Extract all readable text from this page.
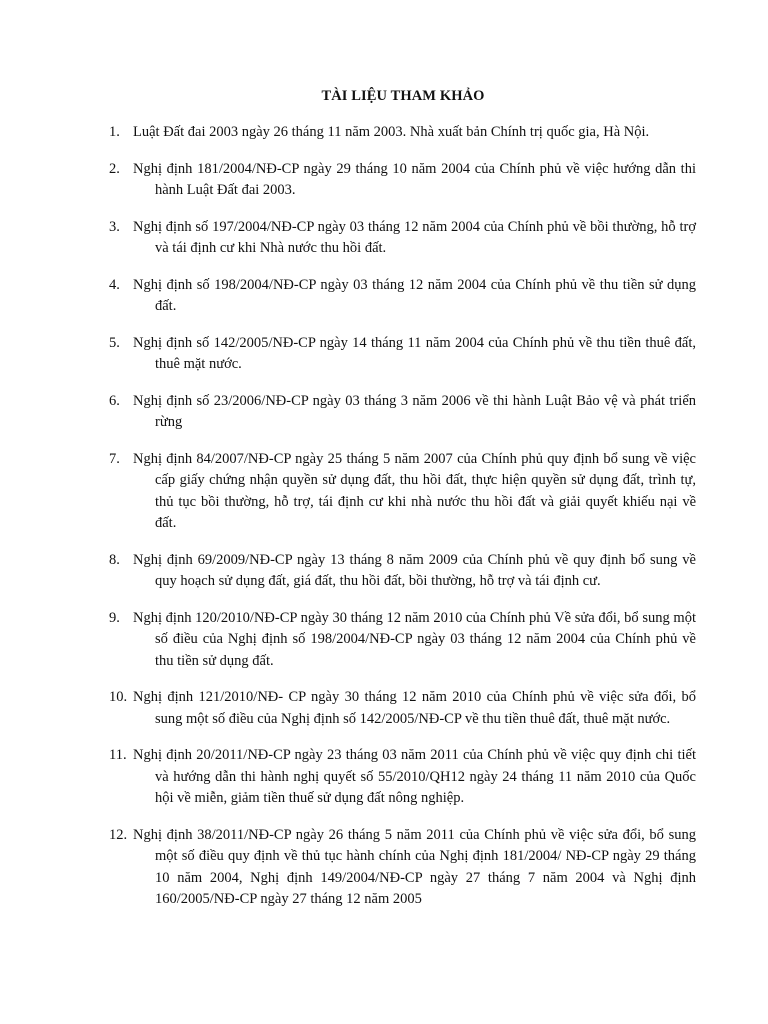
TÀI LIỆU THAM KHẢO
1. Luật Đất đai 2003 ngày 26 tháng 11 năm 2003. Nhà xuất bản Chính trị quốc gia, Hà Nội.
2. Nghị định 181/2004/NĐ-CP ngày 29 tháng 10 năm 2004 của Chính phủ về việc hướng dẫn thi hành Luật Đất đai 2003.
3. Nghị định số 197/2004/NĐ-CP ngày 03 tháng 12 năm 2004 của Chính phủ về bồi thường, hỗ trợ và tái định cư khi Nhà nước thu hồi đất.
4. Nghị định số 198/2004/NĐ-CP ngày 03 tháng 12 năm 2004 của Chính phủ về thu tiền sử dụng đất.
5. Nghị định số 142/2005/NĐ-CP ngày 14 tháng 11 năm 2004 của Chính phủ về thu tiền thuê đất, thuê mặt nước.
6. Nghị định số 23/2006/NĐ-CP ngày 03 tháng 3 năm 2006 về thi hành Luật Bảo vệ và phát triển rừng
7. Nghị định 84/2007/NĐ-CP ngày 25 tháng 5 năm 2007 của Chính phủ quy định bổ sung về việc cấp giấy chứng nhận quyền sử dụng đất, thu hồi đất, thực hiện quyền sử dụng đất, trình tự, thủ tục bồi thường, hỗ trợ, tái định cư khi nhà nước thu hồi đất và giải quyết khiếu nại về đất.
8. Nghị định 69/2009/NĐ-CP ngày 13 tháng 8 năm 2009 của Chính phủ về quy định bổ sung về quy hoạch sử dụng đất, giá đất, thu hồi đất, bồi thường, hỗ trợ và tái định cư.
9. Nghị định 120/2010/NĐ-CP ngày 30 tháng 12 năm 2010 của Chính phủ Về sửa đổi, bổ sung một số điều của Nghị định số 198/2004/NĐ-CP ngày 03 tháng 12 năm 2004 của Chính phủ về thu tiền sử dụng đất.
10. Nghị định 121/2010/NĐ- CP ngày 30 tháng 12 năm 2010 của Chính phủ về việc sửa đổi, bổ sung một số điều của Nghị định số 142/2005/NĐ-CP về thu tiền thuê đất, thuê mặt nước.
11. Nghị định 20/2011/NĐ-CP ngày 23 tháng 03 năm 2011 của Chính phủ về việc quy định chi tiết và hướng dẫn thi hành nghị quyết số 55/2010/QH12 ngày 24 tháng 11 năm 2010 của Quốc hội về miễn, giảm tiền thuế sử dụng đất nông nghiệp.
12. Nghị định 38/2011/NĐ-CP ngày 26 tháng 5 năm 2011 của Chính phủ về việc sửa đổi, bổ sung một số điều quy định về thủ tục hành chính của Nghị định 181/2004/ NĐ-CP ngày 29 tháng 10 năm 2004, Nghị định 149/2004/NĐ-CP ngày 27 tháng 7 năm 2004 và Nghị định 160/2005/NĐ-CP ngày 27 tháng 12 năm 2005
